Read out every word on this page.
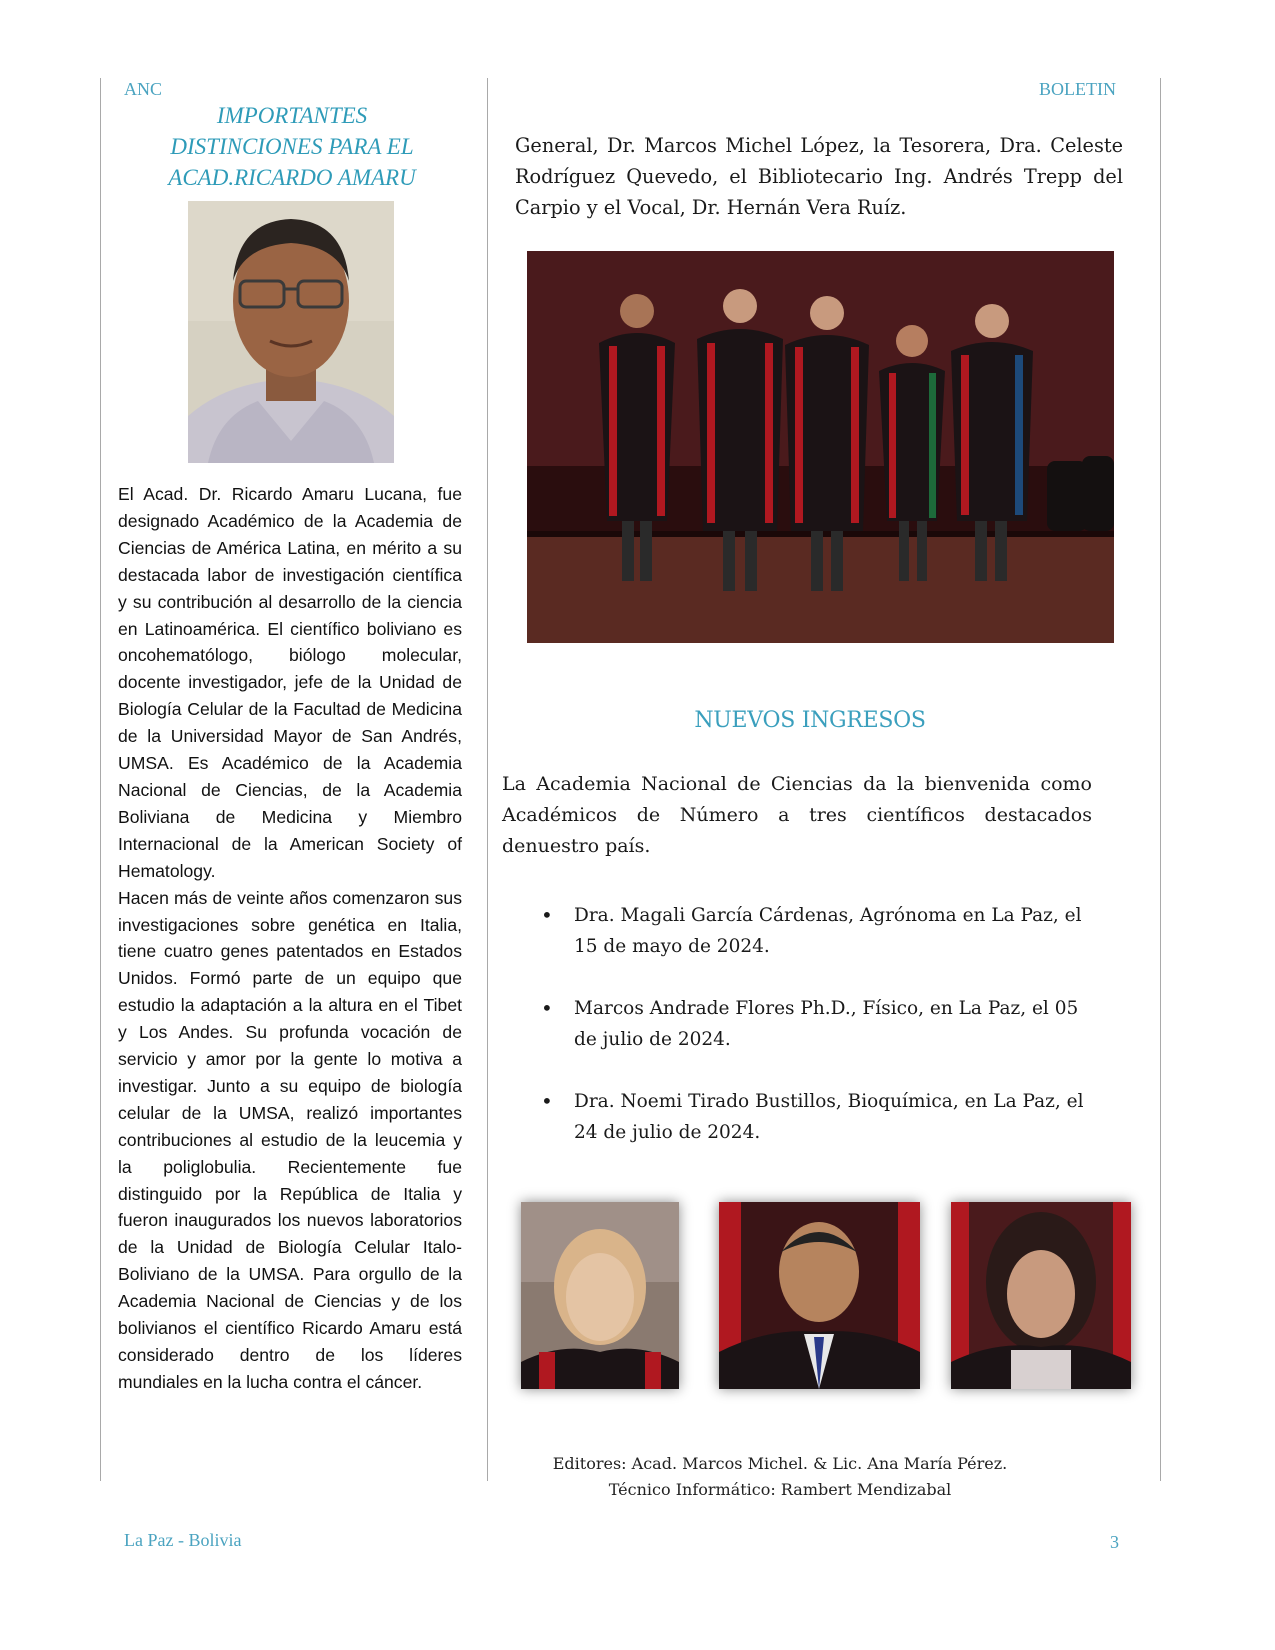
ANC	BOLETIN
IMPORTANTES
DISTINCIONES PARA EL
ACAD.RICARDO AMARU

El Acad. Dr. Ricardo Amaru Lucana, fue designado Académico de la Academia de Ciencias de América Latina, en mérito a su destacada labor de investigación científica y su contribución al desarrollo de la ciencia en Latinoamérica. El científico boliviano es oncohematólogo, biólogo molecular, docente investigador, jefe de la Unidad de Biología Celular de la Facultad de Medicina de la Universidad Mayor de San Andrés, UMSA. Es Académico de la Academia Nacional de Ciencias, de la Academia Boliviana de Medicina y Miembro Internacional de la American Society of Hematology.

Hacen más de veinte años comenzaron sus investigaciones sobre genética en Italia, tiene cuatro genes patentados en Estados Unidos. Formó parte de un equipo que estudio la adaptación a la altura en el Tibet y Los Andes. Su profunda vocación de servicio y amor por la gente lo motiva a investigar. Junto a su equipo de biología celular de la UMSA, realizó importantes contribuciones al estudio de la leucemia y la poliglobulia. Recientemente fue distinguido por la República de Italia y fueron inaugurados los nuevos laboratorios de la Unidad de Biología Celular Italo-Boliviano de la UMSA. Para orgullo de la Academia Nacional de Ciencias y de los bolivianos el científico Ricardo Amaru está considerado dentro de los líderes mundiales en la lucha contra el cáncer.

General, Dr. Marcos Michel López, la Tesorera, Dra. Celeste Rodríguez Quevedo, el Bibliotecario Ing. Andrés Trepp del Carpio y el Vocal, Dr. Hernán Vera Ruíz.
NUEVOS INGRESOS
La Academia Nacional de Ciencias da la bienvenida como Académicos de Número a tres científicos destacados denuestro país.
• Dra. Magali García Cárdenas, Agrónoma en La Paz, el 15 de mayo de 2024.
• Marcos Andrade Flores Ph.D., Físico, en La Paz, el 05 de julio de 2024.
• Dra. Noemi Tirado Bustillos, Bioquímica, en La Paz, el 24 de julio de 2024.
Editores: Acad. Marcos Michel. & Lic. Ana María Pérez.
Técnico Informático: Rambert Mendizabal
La Paz - Bolivia	3
